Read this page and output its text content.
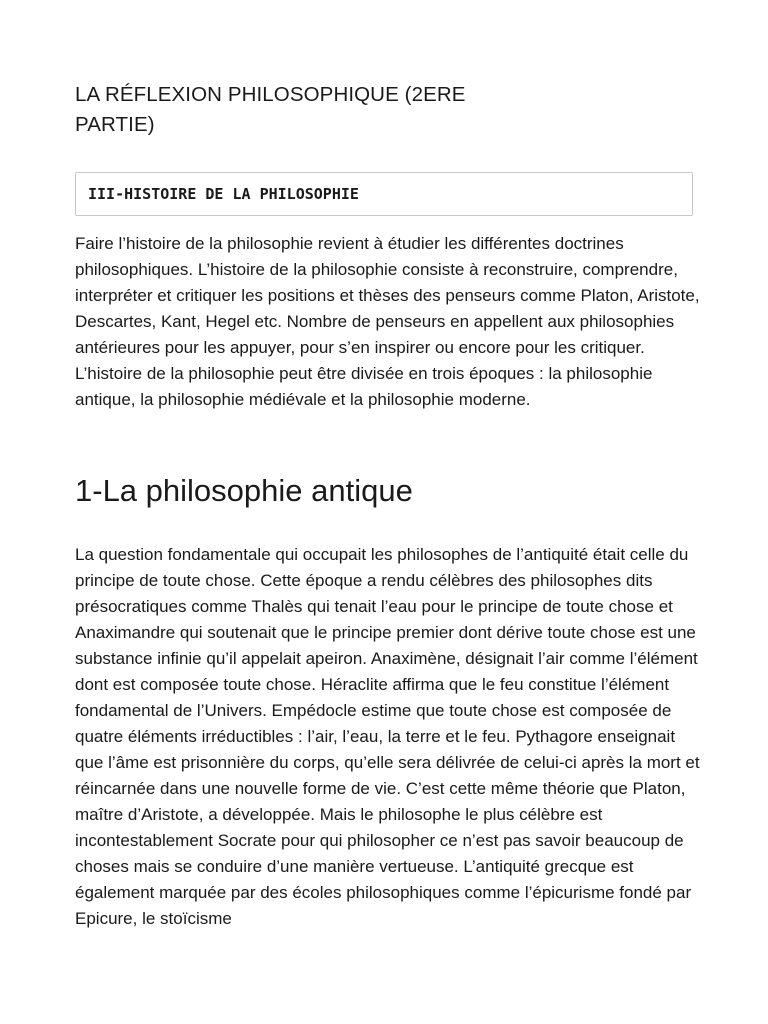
LA RÉFLEXION PHILOSOPHIQUE (2ERE PARTIE)
III-HISTOIRE DE LA PHILOSOPHIE

Faire l’histoire de la philosophie revient à étudier les différentes doctrines philosophiques. L’histoire de la philosophie consiste à reconstruire, comprendre, interpréter et critiquer les positions et thèses des penseurs comme Platon, Aristote, Descartes, Kant, Hegel etc. Nombre de penseurs en appellent aux philosophies antérieures pour les appuyer, pour s’en inspirer ou encore pour les critiquer. L’histoire de la philosophie peut être divisée en trois époques : la philosophie antique, la philosophie médiévale et la philosophie moderne.

1-La philosophie antique

La question fondamentale qui occupait les philosophes de l’antiquité était celle du principe de toute chose. Cette époque a rendu célèbres des philosophes dits présocratiques comme Thalès qui tenait l’eau pour le principe de toute chose et Anaximandre qui soutenait que le principe premier dont dérive toute chose est une substance infinie qu’il appelait apeiron. Anaximène, désignait l’air comme l’élément dont est composée toute chose. Héraclite affirma que le feu constitue l’élément fondamental de l’Univers. Empédocle estime que toute chose est composée de quatre éléments irréductibles : l’air, l’eau, la terre et le feu. Pythagore enseignait que l’âme est prisonnière du corps, qu’elle sera délivrée de celui-ci après la mort et réincarnée dans une nouvelle forme de vie. C’est cette même théorie que Platon, maître d’Aristote, a développée. Mais le philosophe le plus célèbre est incontestablement Socrate pour qui philosopher ce n’est pas savoir beaucoup de choses mais se conduire d’une manière vertueuse. L’antiquité grecque est également marquée par des écoles philosophiques comme l’épicurisme fondé par Epicure, le stoïcisme
